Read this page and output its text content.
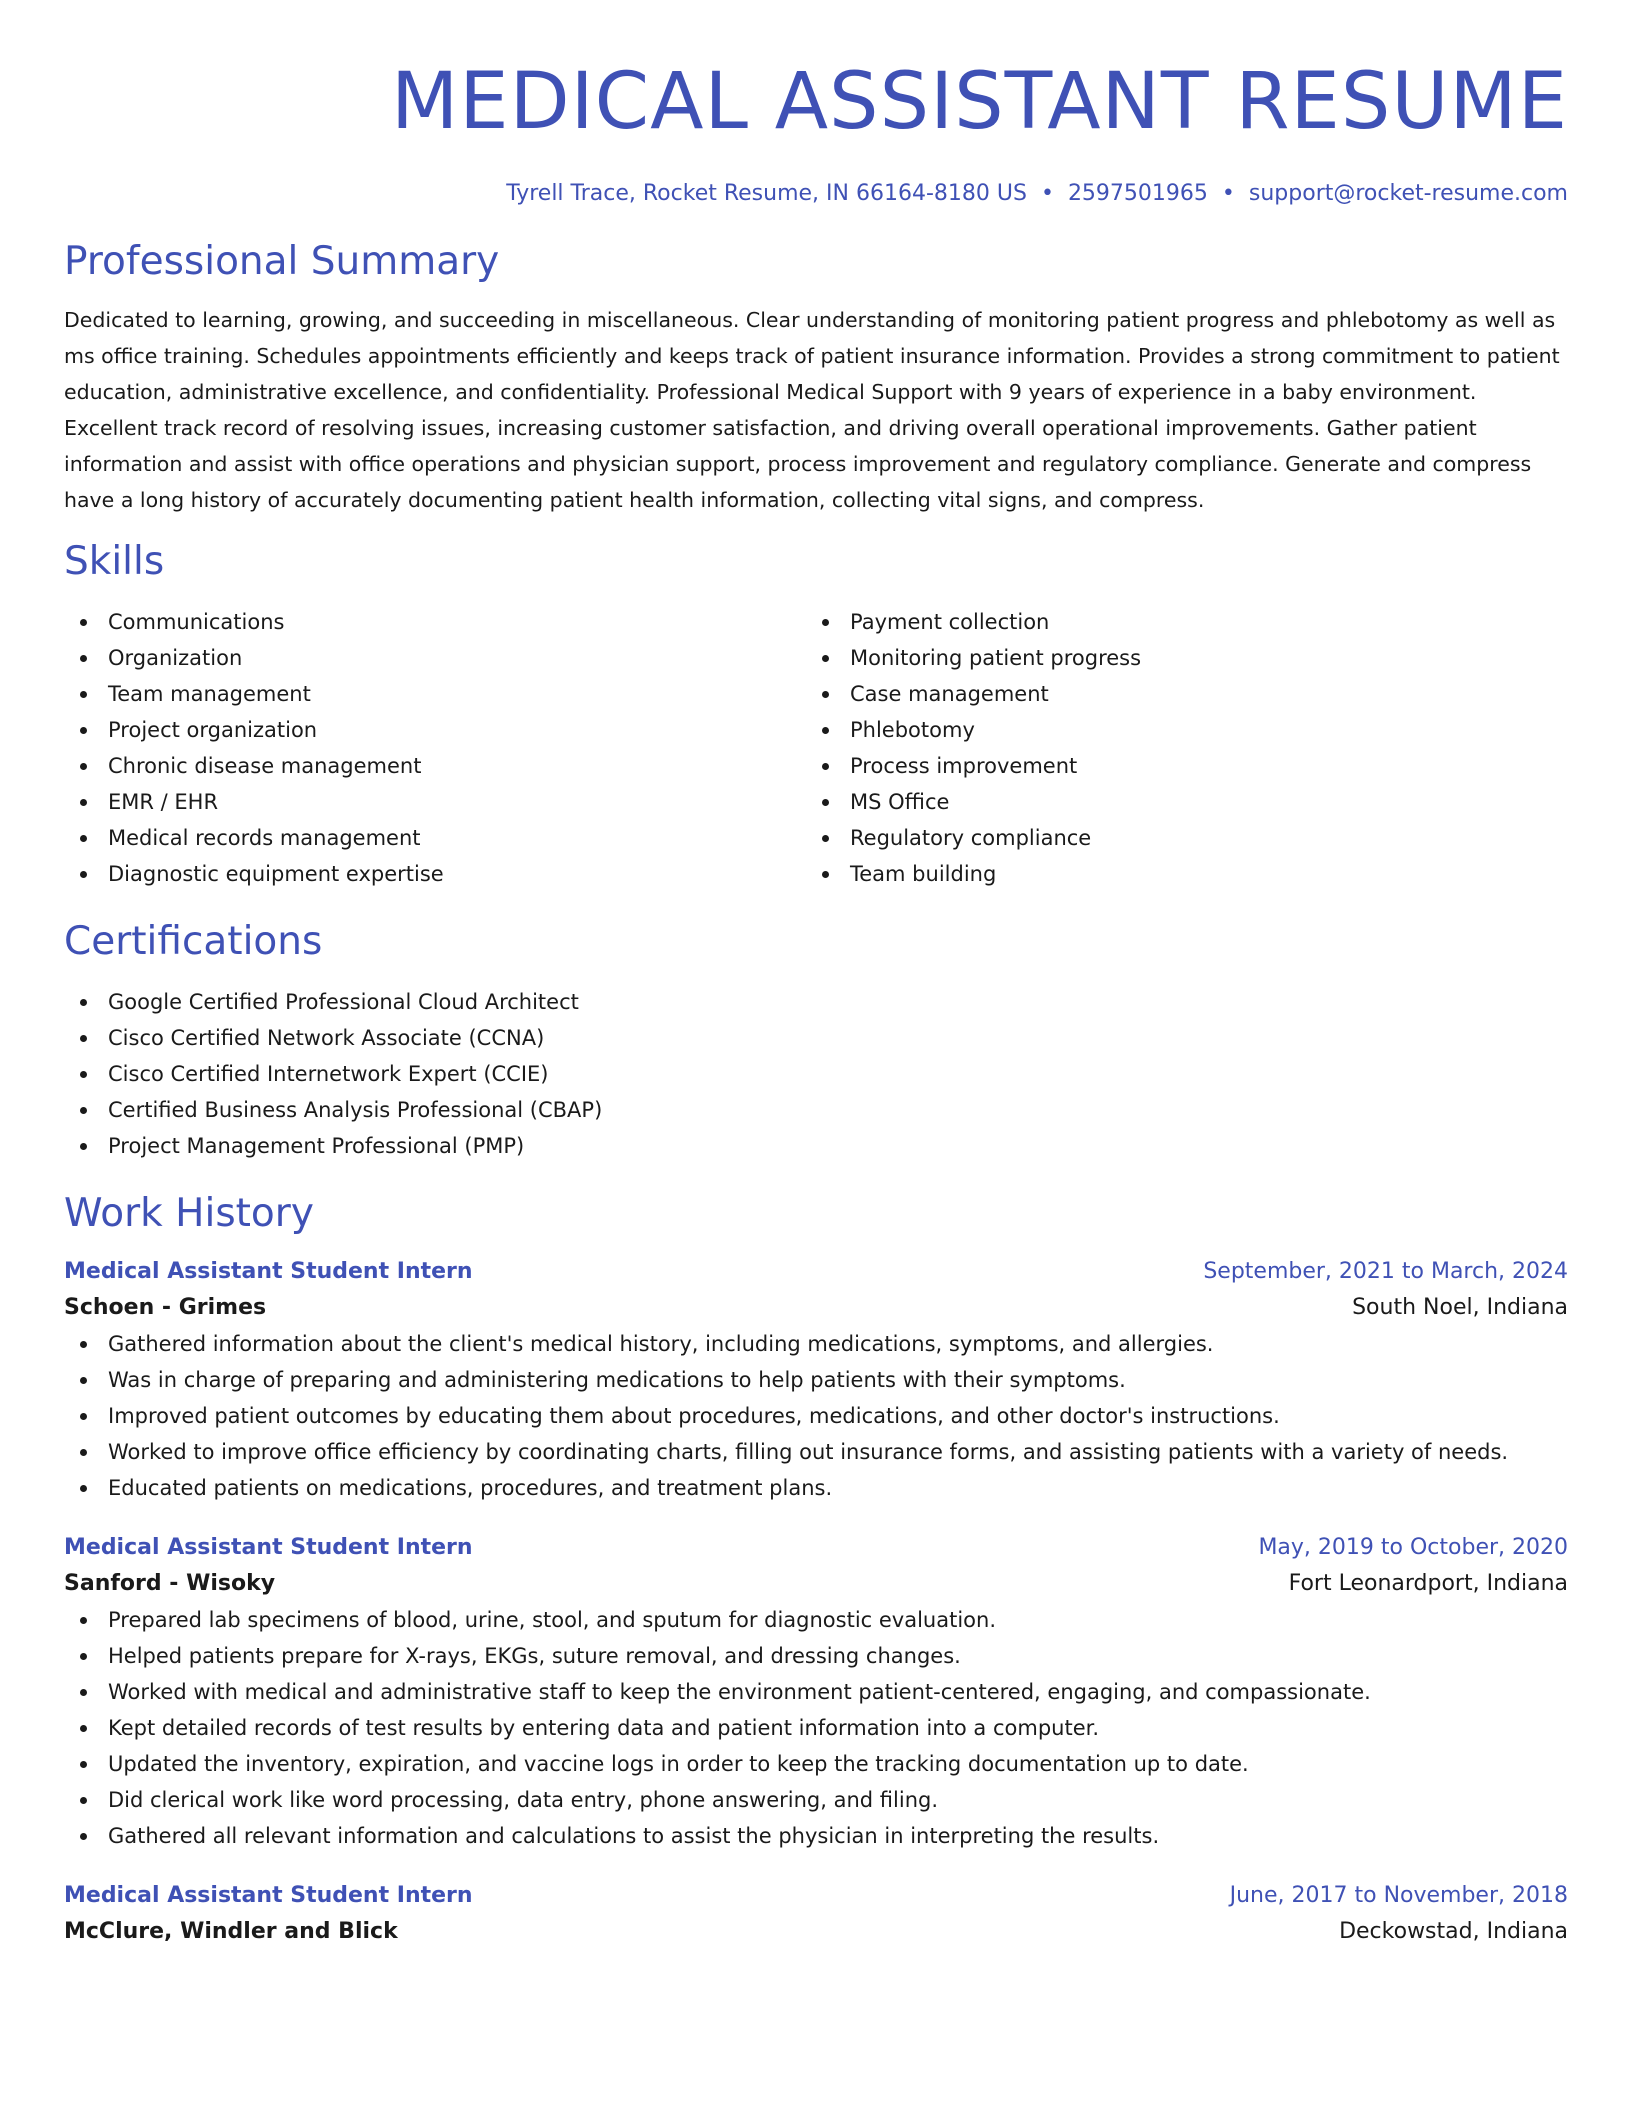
MEDICAL ASSISTANT RESUME
Tyrell Trace, Rocket Resume, IN 66164-8180 US • 2597501965 • support@rocket-resume.com
Professional Summary

Dedicated to learning, growing, and succeeding in miscellaneous. Clear understanding of monitoring patient progress and phlebotomy as well as ms office training. Schedules appointments efficiently and keeps track of patient insurance information. Provides a strong commitment to patient education, administrative excellence, and confidentiality. Professional Medical Support with 9 years of experience in a baby environment. Excellent track record of resolving issues, increasing customer satisfaction, and driving overall operational improvements. Gather patient information and assist with office operations and physician support, process improvement and regulatory compliance. Generate and compress have a long history of accurately documenting patient health information, collecting vital signs, and compress.

Skills
Communications
Organization
Team management
Project organization
Chronic disease management
EMR / EHR
Medical records management
Diagnostic equipment expertise
Payment collection
Monitoring patient progress
Case management
Phlebotomy
Process improvement
MS Office
Regulatory compliance
Team building
Certifications
Google Certified Professional Cloud Architect
Cisco Certified Network Associate (CCNA)
Cisco Certified Internetwork Expert (CCIE)
Certified Business Analysis Professional (CBAP)
Project Management Professional (PMP)
Work History
Medical Assistant Student Intern	September, 2021 to March, 2024
Schoen - Grimes	South Noel, Indiana
Gathered information about the client's medical history, including medications, symptoms, and allergies.
Was in charge of preparing and administering medications to help patients with their symptoms.
Improved patient outcomes by educating them about procedures, medications, and other doctor's instructions.
Worked to improve office efficiency by coordinating charts, filling out insurance forms, and assisting patients with a variety of needs.
Educated patients on medications, procedures, and treatment plans.
Medical Assistant Student Intern	May, 2019 to October, 2020
Sanford - Wisoky	Fort Leonardport, Indiana
Prepared lab specimens of blood, urine, stool, and sputum for diagnostic evaluation.
Helped patients prepare for X-rays, EKGs, suture removal, and dressing changes.
Worked with medical and administrative staff to keep the environment patient-centered, engaging, and compassionate.
Kept detailed records of test results by entering data and patient information into a computer.
Updated the inventory, expiration, and vaccine logs in order to keep the tracking documentation up to date.
Did clerical work like word processing, data entry, phone answering, and filing.
Gathered all relevant information and calculations to assist the physician in interpreting the results.
Medical Assistant Student Intern	June, 2017 to November, 2018
McClure, Windler and Blick	Deckowstad, Indiana
